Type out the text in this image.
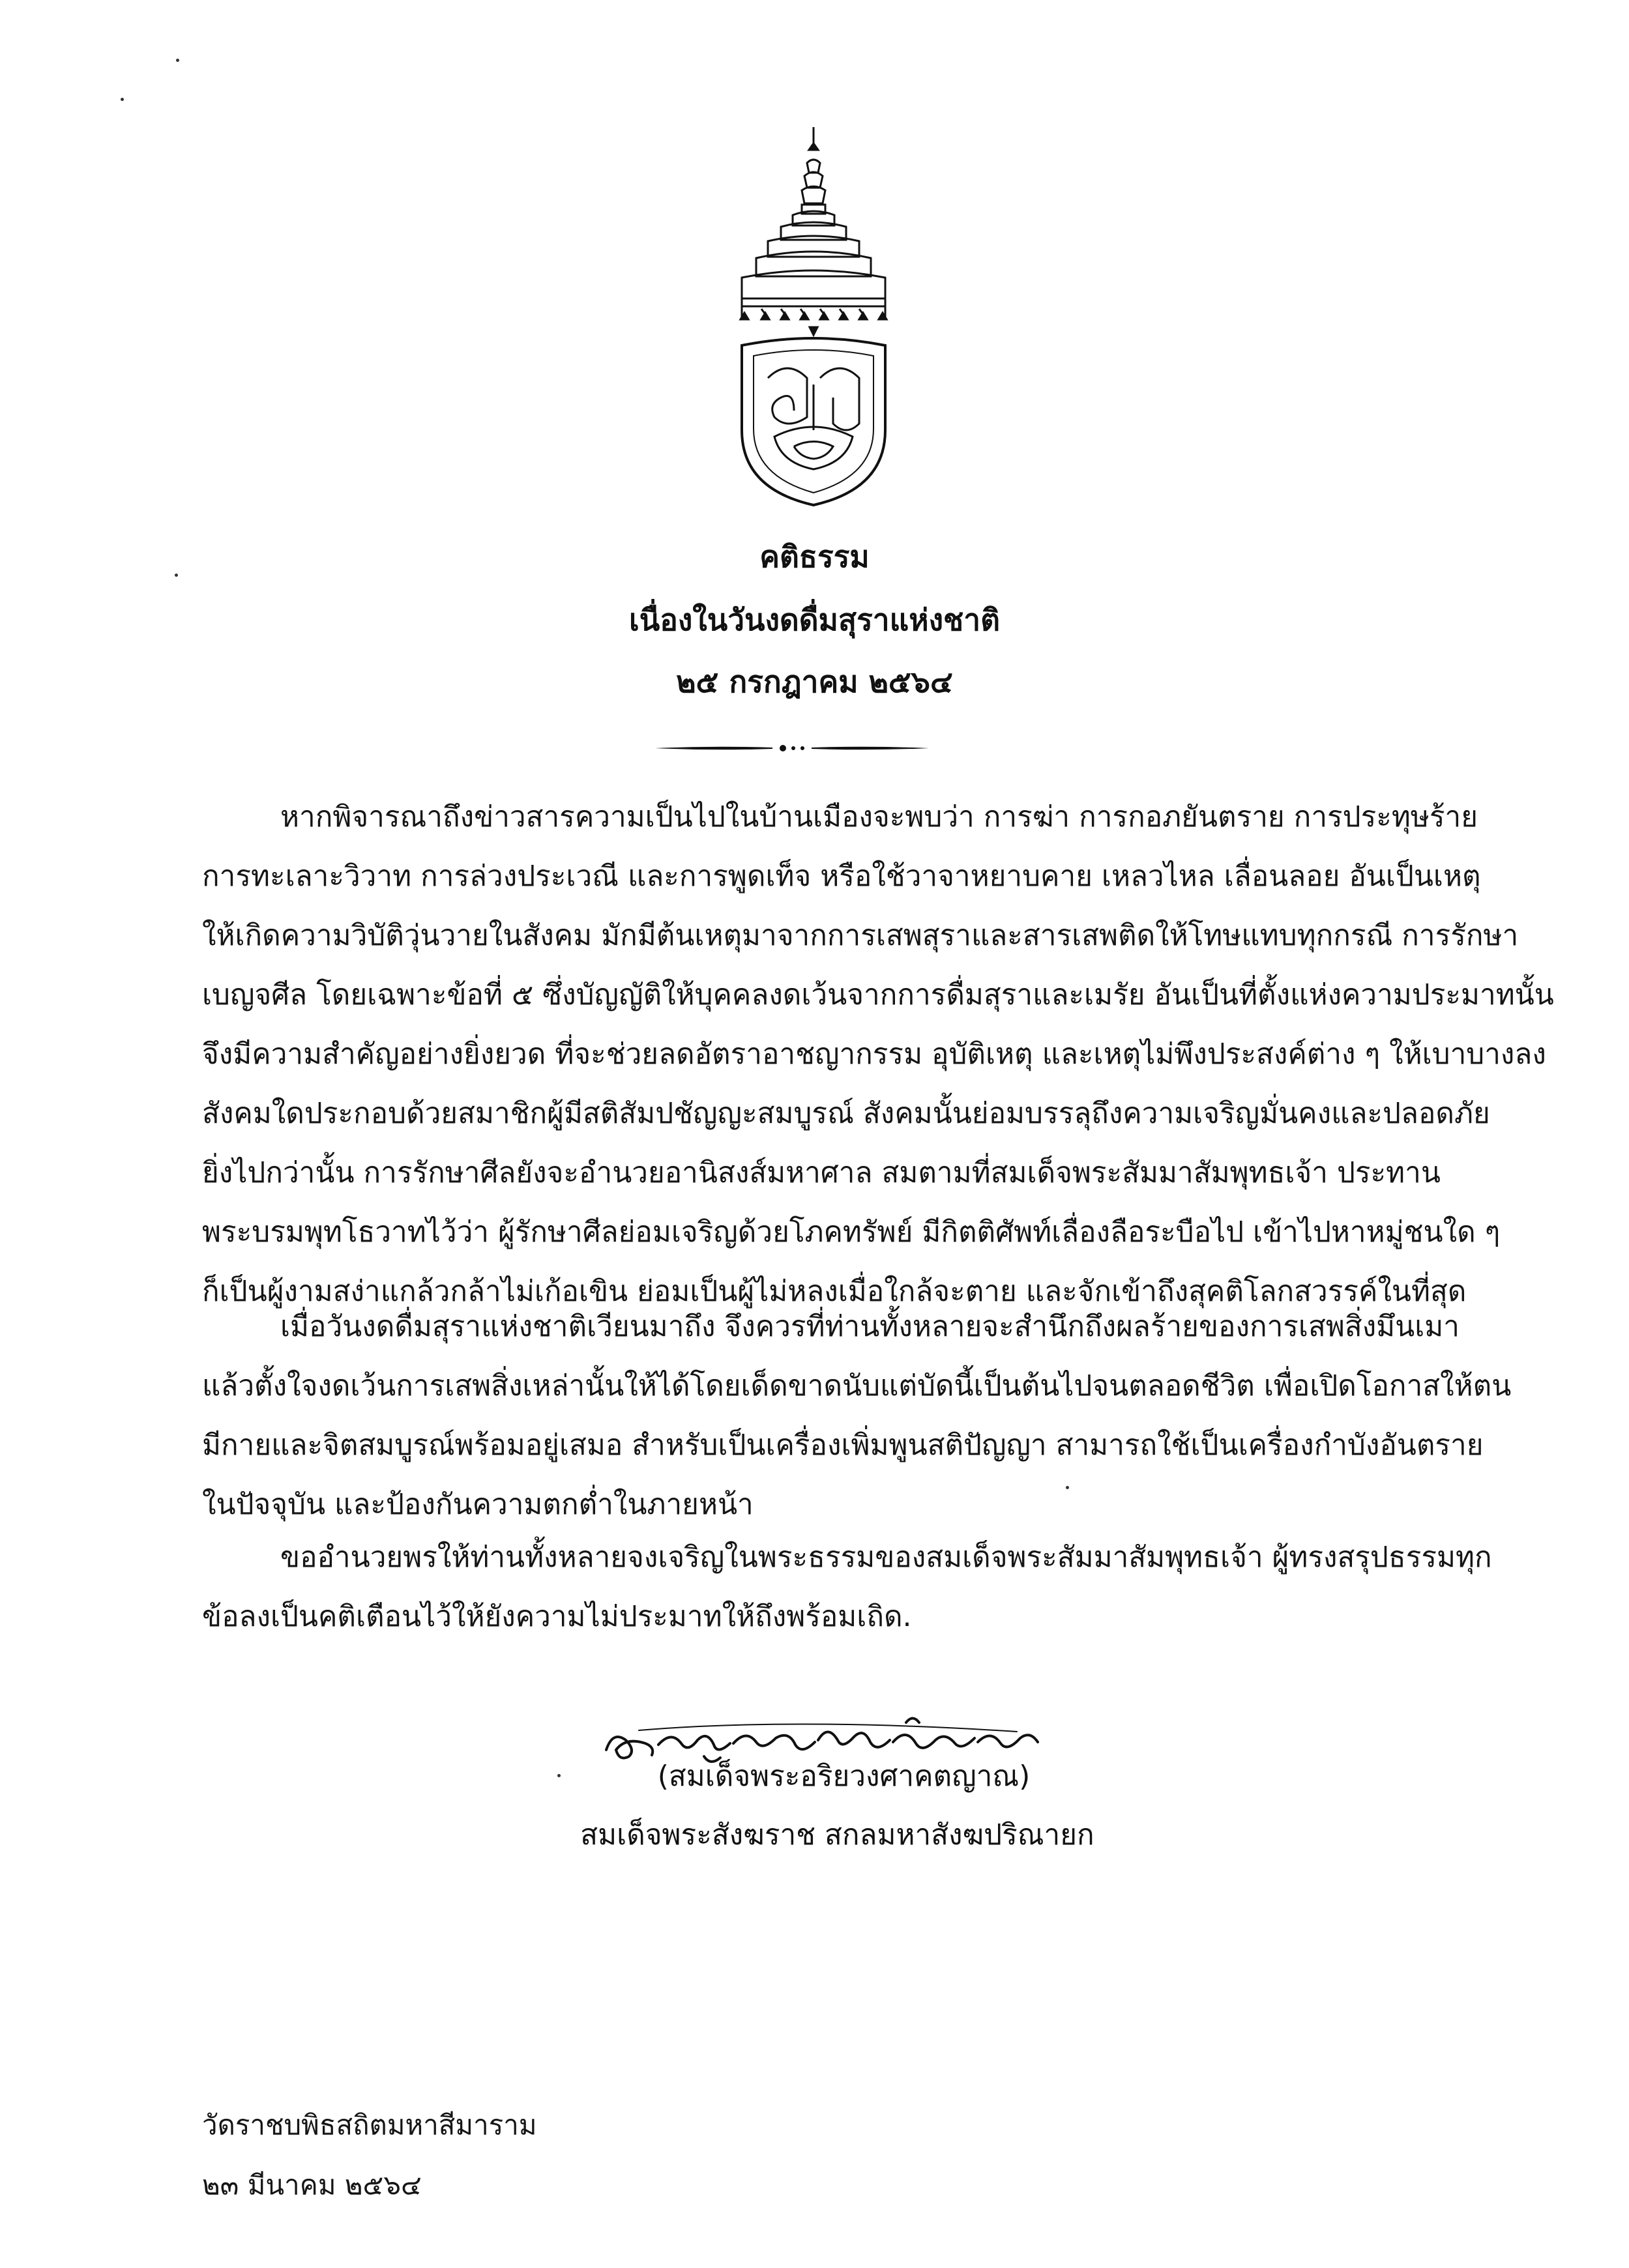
คติธรรม
เนื่องในวันงดดื่มสุราแห่งชาติ
๒๕ กรกฎาคม ๒๕๖๔
หากพิจารณาถึงข่าวสารความเป็นไปในบ้านเมืองจะพบว่า การฆ่า การกอภยันตราย การประทุษร้าย
การทะเลาะวิวาท การล่วงประเวณี และการพูดเท็จ หรือใช้วาจาหยาบคาย เหลวไหล เลื่อนลอย อันเป็นเหตุ
ให้เกิดความวิบัติวุ่นวายในสังคม มักมีต้นเหตุมาจากการเสพสุราและสารเสพติดให้โทษแทบทุกกรณี การรักษา
เบญจศีล โดยเฉพาะข้อที่ ๕ ซึ่งบัญญัติให้บุคคลงดเว้นจากการดื่มสุราและเมรัย อันเป็นที่ตั้งแห่งความประมาทนั้น
จึงมีความสำคัญอย่างยิ่งยวด ที่จะช่วยลดอัตราอาชญากรรม อุบัติเหตุ และเหตุไม่พึงประสงค์ต่าง ๆ ให้เบาบางลง
สังคมใดประกอบด้วยสมาชิกผู้มีสติสัมปชัญญะสมบูรณ์ สังคมนั้นย่อมบรรลุถึงความเจริญมั่นคงและปลอดภัย
ยิ่งไปกว่านั้น การรักษาศีลยังจะอำนวยอานิสงส์มหาศาล สมตามที่สมเด็จพระสัมมาสัมพุทธเจ้า ประทาน
พระบรมพุทโธวาทไว้ว่า ผู้รักษาศีลย่อมเจริญด้วยโภคทรัพย์ มีกิตติศัพท์เลื่องลือระบือไป เข้าไปหาหมู่ชนใด ๆ
ก็เป็นผู้งามสง่าแกล้วกล้าไม่เก้อเขิน ย่อมเป็นผู้ไม่หลงเมื่อใกล้จะตาย และจักเข้าถึงสุคติโลกสวรรค์ในที่สุด
เมื่อวันงดดื่มสุราแห่งชาติเวียนมาถึง จึงควรที่ท่านทั้งหลายจะสำนึกถึงผลร้ายของการเสพสิ่งมึนเมา
แล้วตั้งใจงดเว้นการเสพสิ่งเหล่านั้นให้ได้โดยเด็ดขาดนับแต่บัดนี้เป็นต้นไปจนตลอดชีวิต เพื่อเปิดโอกาสให้ตน
มีกายและจิตสมบูรณ์พร้อมอยู่เสมอ สำหรับเป็นเครื่องเพิ่มพูนสติปัญญา สามารถใช้เป็นเครื่องกำบังอันตราย
ในปัจจุบัน และป้องกันความตกต่ำในภายหน้า
ขออำนวยพรให้ท่านทั้งหลายจงเจริญในพระธรรมของสมเด็จพระสัมมาสัมพุทธเจ้า ผู้ทรงสรุปธรรมทุก
ข้อลงเป็นคติเตือนไว้ให้ยังความไม่ประมาทให้ถึงพร้อมเถิด.
(สมเด็จพระอริยวงศาคตญาณ)
สมเด็จพระสังฆราช สกลมหาสังฆปริณายก
วัดราชบพิธสถิตมหาสีมาราม
๒๓ มีนาคม ๒๕๖๔
